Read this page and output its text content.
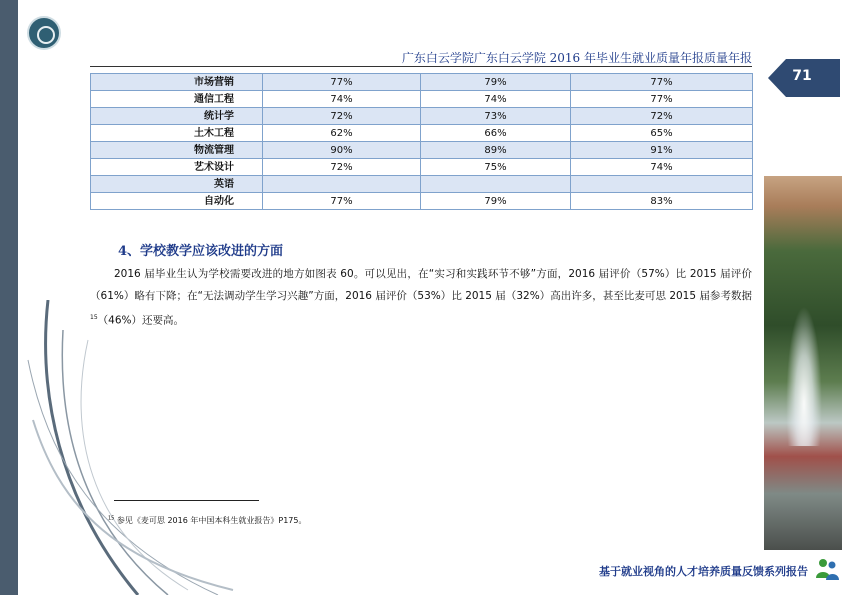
广东白云学院广东白云学院 2016 年毕业生就业质量年报质量年报
71
市场营销	77%	79%	77%
通信工程	74%	74%	77%
统计学	72%	73%	72%
土木工程	62%	66%	65%
物流管理	90%	89%	91%
艺术设计	72%	75%	74%
英语			
自动化	77%	79%	83%
4、学校教学应该改进的方面

2016 届毕业生认为学校需要改进的地方如图表 60。可以见出，在“实习和实践环节不够”方面，2016 届评价（57%）比 2015 届评价（61%）略有下降；在“无法调动学生学习兴趣”方面，2016 届评价（53%）比 2015 届（32%）高出许多，甚至比麦可思 2015 届参考数据$^{15}$（46%）还要高。

$^{15}$ 参见《麦可思 2016 年中国本科生就业报告》P175。
基于就业视角的人才培养质量反馈系列报告
